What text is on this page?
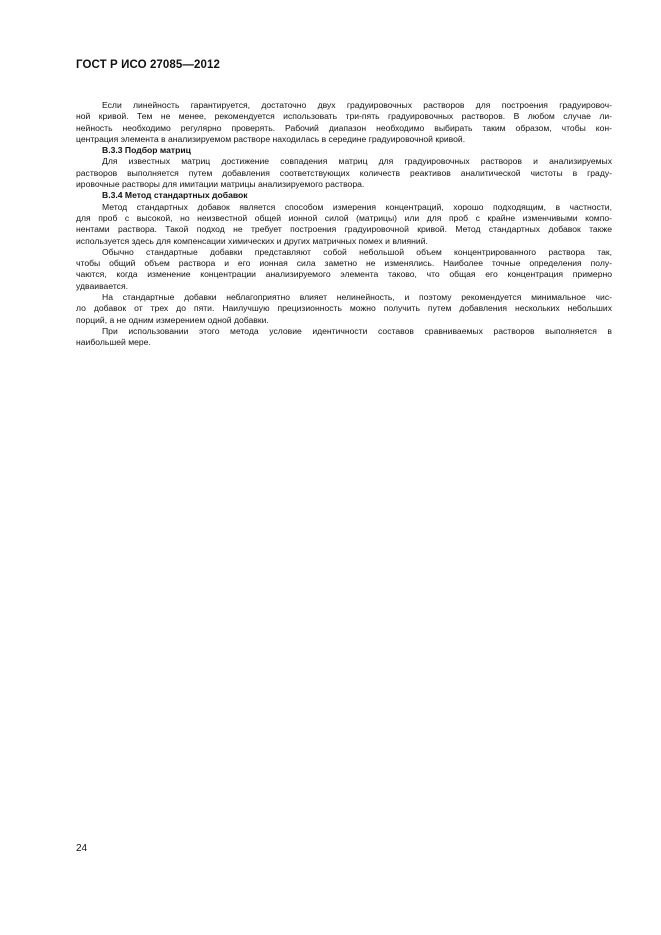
ГОСТ Р ИСО 27085—2012
Если линейность гарантируется, достаточно двух градуировочных растворов для построения градуировоч-
ной кривой. Тем не менее, рекомендуется использовать три-пять градуировочных растворов. В любом случае ли-
нейность необходимо регулярно проверять. Рабочий диапазон необходимо выбирать таким образом, чтобы кон-
центрация элемента в анализируемом растворе находилась в середине градуировочной кривой.
B.3.3 Подбор матриц
Для известных матриц достижение совпадения матриц для градуировочных растворов и анализируемых
растворов выполняется путем добавления соответствующих количеств реактивов аналитической чистоты в граду-
ировочные растворы для имитации матрицы анализируемого раствора.
B.3.4 Метод стандартных добавок
Метод стандартных добавок является способом измерения концентраций, хорошо подходящим, в частности,
для проб с высокой, но неизвестной общей ионной силой (матрицы) или для проб с крайне изменчивыми компо-
нентами раствора. Такой подход не требует построения градуировочной кривой. Метод стандартных добавок также
используется здесь для компенсации химических и других матричных помех и влияний.
Обычно стандартные добавки представляют собой небольшой объем концентрированного раствора так,
чтобы общий объем раствора и его ионная сила заметно не изменялись. Наиболее точные определения полу-
чаются, когда изменение концентрации анализируемого элемента таково, что общая его концентрация примерно
удваивается.
На стандартные добавки неблагоприятно влияет нелинейность, и поэтому рекомендуется минимальное чис-
ло добавок от трех до пяти. Наилучшую прецизионность можно получить путем добавления нескольких небольших
порций, а не одним измерением одной добавки.
При использовании этого метода условие идентичности составов сравниваемых растворов выполняется в
наибольшей мере.
24
